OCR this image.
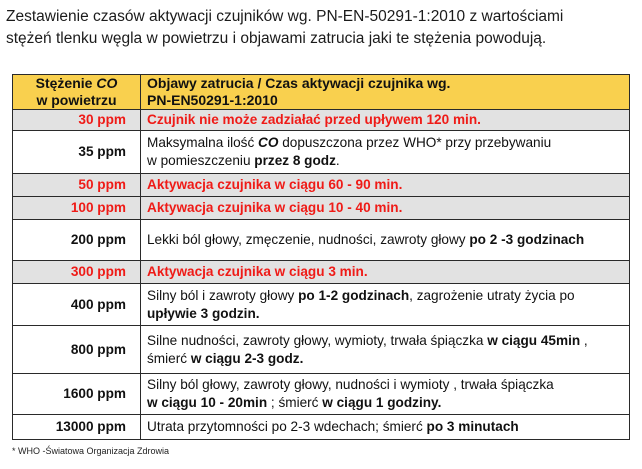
Zestawienie czasów aktywacji czujników wg. PN-EN-50291-1:2010 z wartościami
stężeń tlenku węgla w powietrzu i objawami zatrucia jaki te stężenia powodują.
Stężenie CO
w powietrzu	Objawy zatrucia / Czas aktywacji czujnika wg.
PN-EN50291-1:2010
30 ppm	Czujnik nie może zadziałać przed upływem 120 min.
35 ppm	Maksymalna ilość CO dopuszczona przez WHO* przy przebywaniu
w pomieszczeniu przez 8 godz.
50 ppm	Aktywacja czujnika w ciągu 60 - 90 min.
100 ppm	Aktywacja czujnika w ciągu 10 - 40 min.
200 ppm	Lekki ból głowy, zmęczenie, nudności, zawroty głowy po 2 -3 godzinach
300 ppm	Aktywacja czujnika w ciągu 3 min.
400 ppm	Silny ból i zawroty głowy po 1-2 godzinach, zagrożenie utraty życia po
upływie 3 godzin.
800 ppm	Silne nudności, zawroty głowy, wymioty, trwała śpiączka w ciągu 45min ,
śmierć w ciągu 2-3 godz.
1600 ppm	Silny ból głowy, zawroty głowy, nudności i wymioty , trwała śpiączka
w ciągu 10 - 20min ; śmierć w ciągu 1 godziny.
13000 ppm	Utrata przytomności po 2-3 wdechach; śmierć po 3 minutach
* WHO -Światowa Organizacja Zdrowia
